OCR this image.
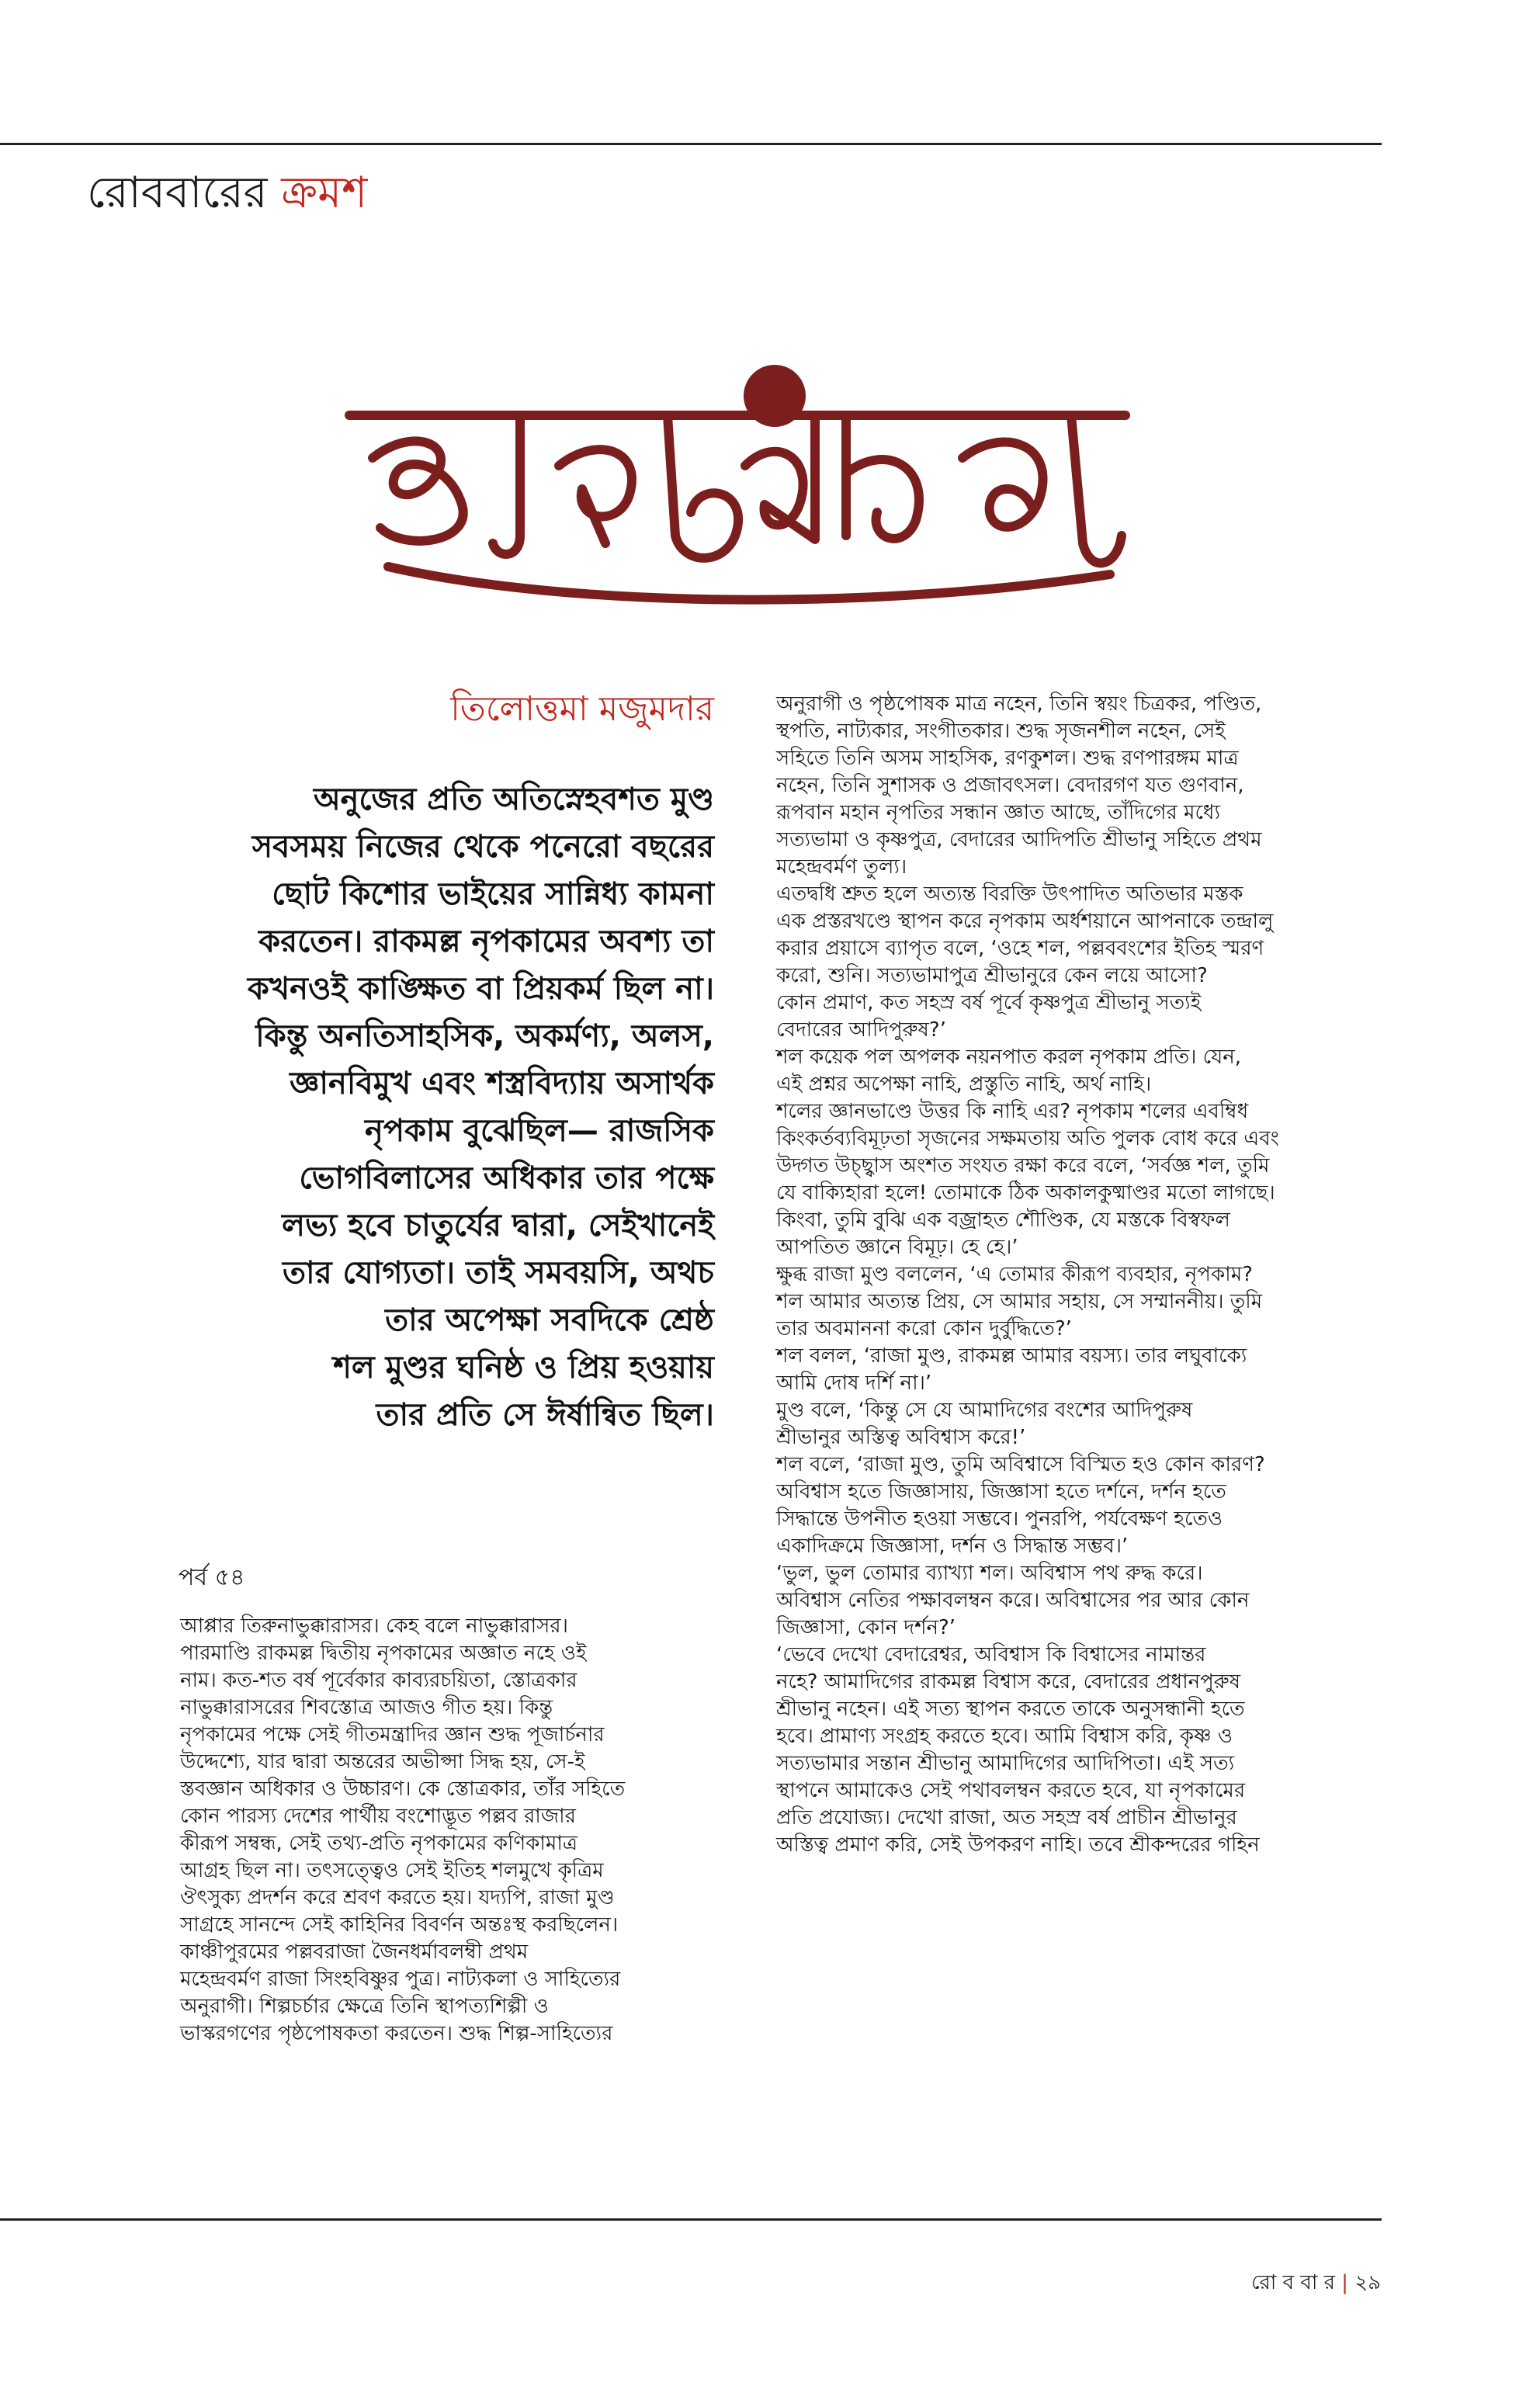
রোববারের ক্রমশ
তিলোত্তমা মজুমদার

অনুজের প্রতি অতিস্নেহবশত মুণ্ড

সবসময় নিজের থেকে পনেরো বছরের

ছোট কিশোর ভাইয়ের সান্নিধ্য কামনা

করতেন। রাকমল্ল নৃপকামের অবশ্য তা

কখনওই কাঙ্ক্ষিত বা প্রিয়কর্ম ছিল না।

কিন্তু অনতিসাহসিক, অকর্মণ্য, অলস,

জ্ঞানবিমুখ এবং শস্ত্রবিদ্যায় অসার্থক

নৃপকাম বুঝেছিল— রাজসিক

ভোগবিলাসের অধিকার তার পক্ষে

লভ্য হবে চাতুর্যের দ্বারা, সেইখানেই

তার যোগ্যতা। তাই সমবয়সি, অথচ

তার অপেক্ষা সবদিকে শ্রেষ্ঠ

শল মুণ্ডর ঘনিষ্ঠ ও প্রিয় হওয়ায়

তার প্রতি সে ঈর্ষান্বিত ছিল।

পর্ব ৫৪

আপ্পার তিরুনাভুক্কারাসর। কেহ বলে নাভুক্কারাসর।

পারমাণ্ডি রাকমল্ল দ্বিতীয় নৃপকামের অজ্ঞাত নহে ওই

নাম। কত-শত বর্ষ পূর্বেকার কাব্যরচয়িতা, স্তোত্রকার

নাভুক্কারাসরের শিবস্তোত্র আজও গীত হয়। কিন্তু

নৃপকামের পক্ষে সেই গীতমন্ত্রাদির জ্ঞান শুদ্ধ পূজার্চনার

উদ্দেশ্যে, যার দ্বারা অন্তরের অভীপ্সা সিদ্ধ হয়, সে-ই

স্তবজ্ঞান অধিকার ও উচ্চারণ। কে স্তোত্রকার, তাঁর সহিতে

কোন পারস্য দেশের পার্থীয় বংশোদ্ভূত পল্লব রাজার

কীরূপ সম্বন্ধ, সেই তথ্য-প্রতি নৃপকামের কণিকামাত্র

আগ্রহ ছিল না। তৎসত্ত্বেও সেই ইতিহ শলমুখে কৃত্রিম

ঔৎসুক্য প্রদর্শন করে শ্রবণ করতে হয়। যদ্যপি, রাজা মুণ্ড

সাগ্রহে সানন্দে সেই কাহিনির বিবর্ণন অন্তঃস্থ করছিলেন।

কাঞ্চীপুরমের পল্লবরাজা জৈনধর্মাবলম্বী প্রথম

মহেন্দ্রবর্মণ রাজা সিংহবিষ্ণুর পুত্র। নাট্যকলা ও সাহিত্যের

অনুরাগী। শিল্পচর্চার ক্ষেত্রে তিনি স্থাপত্যশিল্পী ও

ভাস্করগণের পৃষ্ঠপোষকতা করতেন। শুদ্ধ শিল্প-সাহিত্যের

অনুরাগী ও পৃষ্ঠপোষক মাত্র নহেন, তিনি স্বয়ং চিত্রকর, পণ্ডিত,

স্থপতি, নাট্যকার, সংগীতকার। শুদ্ধ সৃজনশীল নহেন, সেই

সহিতে তিনি অসম সাহসিক, রণকুশল। শুদ্ধ রণপারঙ্গম মাত্র

নহেন, তিনি সুশাসক ও প্রজাবৎসল। বেদারগণ যত গুণবান,

রূপবান মহান নৃপতির সন্ধান জ্ঞাত আছে, তাঁদিগের মধ্যে

সত্যভামা ও কৃষ্ণপুত্র, বেদারের আদিপতি শ্রীভানু সহিতে প্রথম

মহেন্দ্রবর্মণ তুল্য।

এতদ্বধি শ্রুত হলে অত্যন্ত বিরক্তি উৎপাদিত অতিভার মস্তক

এক প্রস্তরখণ্ডে স্থাপন করে নৃপকাম অর্ধশয়ানে আপনাকে তন্দ্রালু

করার প্রয়াসে ব্যাপৃত বলে, ‘ওহে শল, পল্লববংশের ইতিহ স্মরণ

করো, শুনি। সত্যভামাপুত্র শ্রীভানুরে কেন লয়ে আসো?

কোন প্রমাণ, কত সহস্র বর্ষ পূর্বে কৃষ্ণপুত্র শ্রীভানু সত্যই

বেদারের আদিপুরুষ?’

শল কয়েক পল অপলক নয়নপাত করল নৃপকাম প্রতি। যেন,

এই প্রশ্নর অপেক্ষা নাহি, প্রস্তুতি নাহি, অর্থ নাহি।

শলের জ্ঞানভাণ্ডে উত্তর কি নাহি এর? নৃপকাম শলের এবম্বিধ

কিংকর্তব্যবিমূঢ়তা সৃজনের সক্ষমতায় অতি পুলক বোধ করে এবং

উদ্গত উচ্ছ্বাস অংশত সংযত রক্ষা করে বলে, ‘সর্বজ্ঞ শল, তুমি

যে বাক্যিহারা হলে! তোমাকে ঠিক অকালকুষ্মাণ্ডর মতো লাগছে।

কিংবা, তুমি বুঝি এক বজ্রাহত শৌণ্ডিক, যে মস্তকে বিস্বফল

আপতিত জ্ঞানে বিমূঢ়। হে হে।’

ক্ষুব্ধ রাজা মুণ্ড বললেন, ‘এ তোমার কীরূপ ব্যবহার, নৃপকাম?

শল আমার অত্যন্ত প্রিয়, সে আমার সহায়, সে সম্মাননীয়। তুমি

তার অবমাননা করো কোন দুর্বুদ্ধিতে?’

শল বলল, ‘রাজা মুণ্ড, রাকমল্ল আমার বয়স্য। তার লঘুবাক্যে

আমি দোষ দর্শি না।’

মুণ্ড বলে, ‘কিন্তু সে যে আমাদিগের বংশের আদিপুরুষ

শ্রীভানুর অস্তিত্ব অবিশ্বাস করে!’

শল বলে, ‘রাজা মুণ্ড, তুমি অবিশ্বাসে বিস্মিত হও কোন কারণ?

অবিশ্বাস হতে জিজ্ঞাসায়, জিজ্ঞাসা হতে দর্শনে, দর্শন হতে

সিদ্ধান্তে উপনীত হওয়া সম্ভবে। পুনরপি, পর্যবেক্ষণ হতেও

একাদিক্রমে জিজ্ঞাসা, দর্শন ও সিদ্ধান্ত সম্ভব।’

‘ভুল, ভুল তোমার ব্যাখ্যা শল। অবিশ্বাস পথ রুদ্ধ করে।

অবিশ্বাস নেতির পক্ষাবলম্বন করে। অবিশ্বাসের পর আর কোন

জিজ্ঞাসা, কোন দর্শন?’

‘ভেবে দেখো বেদারেশ্বর, অবিশ্বাস কি বিশ্বাসের নামান্তর

নহে? আমাদিগের রাকমল্ল বিশ্বাস করে, বেদারের প্রধানপুরুষ

শ্রীভানু নহেন। এই সত্য স্থাপন করতে তাকে অনুসন্ধানী হতে

হবে। প্রামাণ্য সংগ্রহ করতে হবে। আমি বিশ্বাস করি, কৃষ্ণ ও

সত্যভামার সন্তান শ্রীভানু আমাদিগের আদিপিতা। এই সত্য

স্থাপনে আমাকেও সেই পথাবলম্বন করতে হবে, যা নৃপকামের

প্রতি প্রযোজ্য। দেখো রাজা, অত সহস্র বর্ষ প্রাচীন শ্রীভানুর

অস্তিত্ব প্রমাণ করি, সেই উপকরণ নাহি। তবে শ্রীকন্দরের গহিন

রো ব বা র | ২৯
